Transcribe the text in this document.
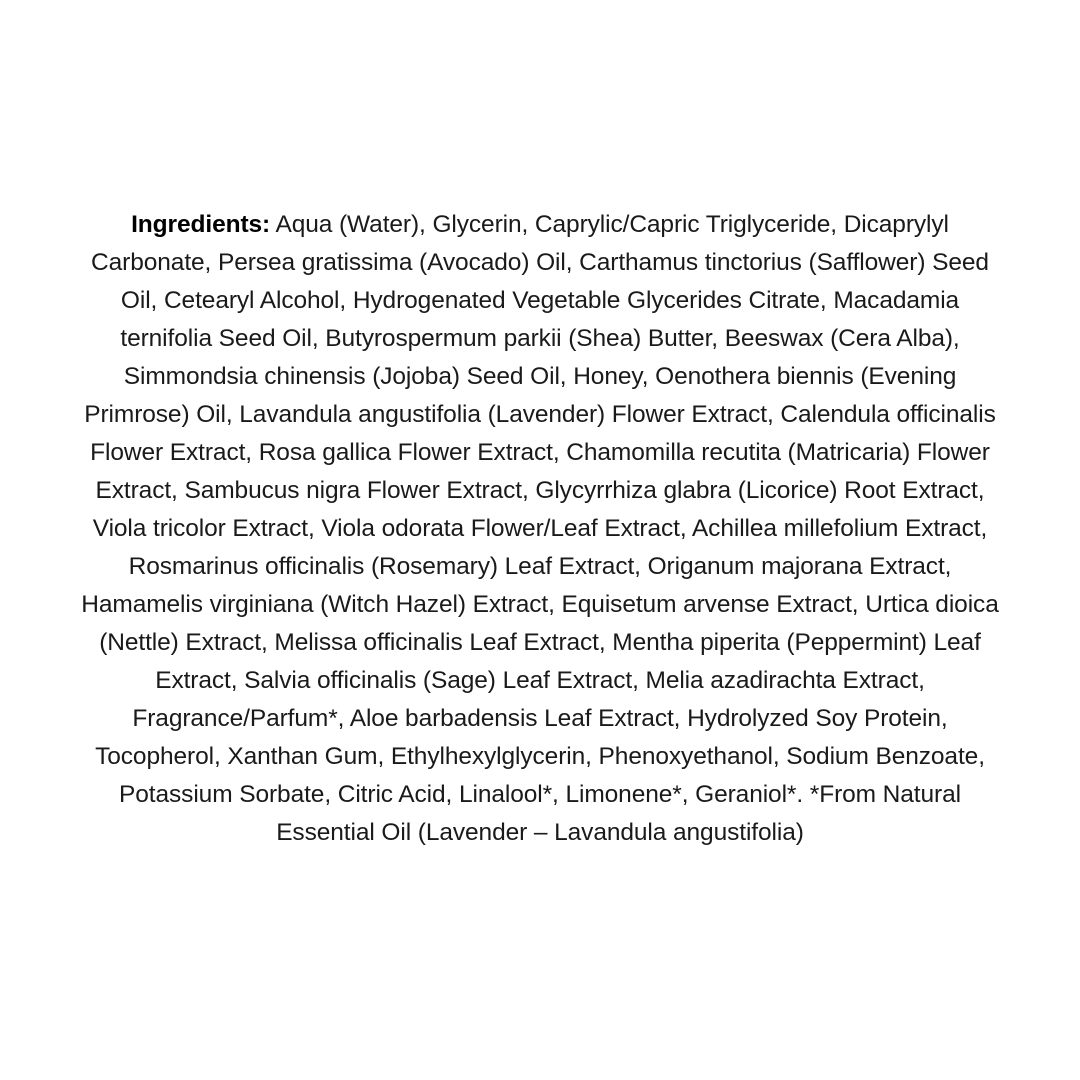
Ingredients: Aqua (Water), Glycerin, Caprylic/Capric Triglyceride, Dicaprylyl Carbonate, Persea gratissima (Avocado) Oil, Carthamus tinctorius (Safflower) Seed Oil, Cetearyl Alcohol, Hydrogenated Vegetable Glycerides Citrate, Macadamia ternifolia Seed Oil, Butyrospermum parkii (Shea) Butter, Beeswax (Cera Alba), Simmondsia chinensis (Jojoba) Seed Oil, Honey, Oenothera biennis (Evening Primrose) Oil, Lavandula angustifolia (Lavender) Flower Extract, Calendula officinalis Flower Extract, Rosa gallica Flower Extract, Chamomilla recutita (Matricaria) Flower Extract, Sambucus nigra Flower Extract, Glycyrrhiza glabra (Licorice) Root Extract, Viola tricolor Extract, Viola odorata Flower/Leaf Extract, Achillea millefolium Extract, Rosmarinus officinalis (Rosemary) Leaf Extract, Origanum majorana Extract, Hamamelis virginiana (Witch Hazel) Extract, Equisetum arvense Extract, Urtica dioica (Nettle) Extract, Melissa officinalis Leaf Extract, Mentha piperita (Peppermint) Leaf Extract, Salvia officinalis (Sage) Leaf Extract, Melia azadirachta Extract, Fragrance/Parfum*, Aloe barbadensis Leaf Extract, Hydrolyzed Soy Protein, Tocopherol, Xanthan Gum, Ethylhexylglycerin, Phenoxyethanol, Sodium Benzoate, Potassium Sorbate, Citric Acid, Linalool*, Limonene*, Geraniol*. *From Natural Essential Oil (Lavender – Lavandula angustifolia)
